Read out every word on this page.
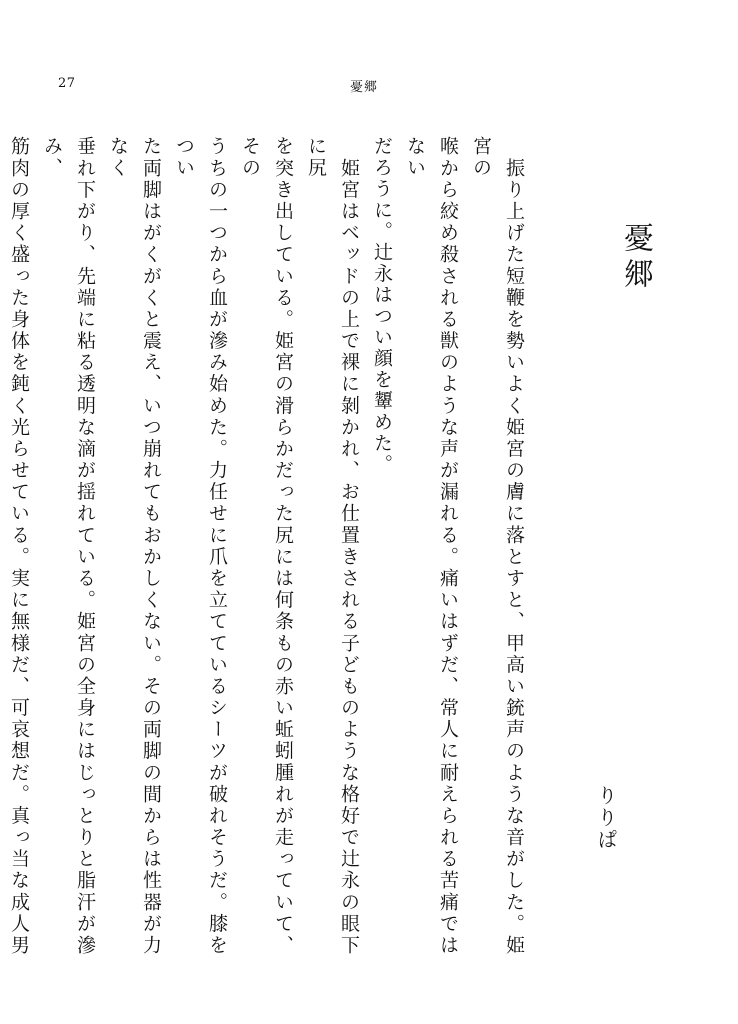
27	憂郷
憂郷
りりぱ
　振り上げた短鞭を勢いよく姫宮の膚に落とすと、甲高い銃声のような音がした。姫宮の
喉から絞め殺される獣のような声が漏れる。痛いはずだ、常人に耐えられる苦痛ではない
だろうに。辻永はつい顔を顰めた。
　姫宮はベッドの上で裸に剝かれ、お仕置きされる子どものような格好で辻永の眼下に尻
を突き出している。姫宮の滑らかだった尻には何条もの赤い蚯蚓腫れが走っていて、その
うちの一つから血が滲み始めた。力任せに爪を立てているシーツが破れそうだ。膝をつい
た両脚はがくがくと震え、いつ崩れてもおかしくない。その両脚の間からは性器が力なく
垂れ下がり、先端に粘る透明な滴が揺れている。姫宮の全身にはじっとりと脂汗が滲み、
筋肉の厚く盛った身体を鈍く光らせている。実に無様だ、可哀想だ。真っ当な成人男
